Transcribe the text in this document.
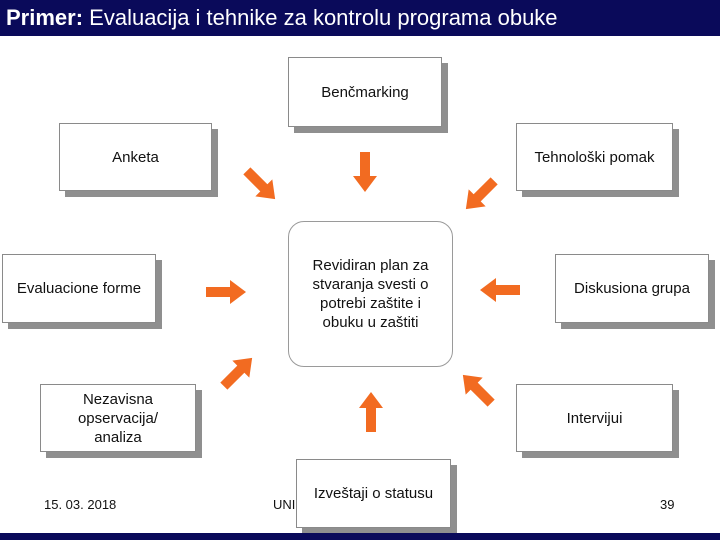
Primer: Evaluacija i tehnike za kontrolu programa obuke
15. 03. 2018	UNI	39
Benčmarking
Anketa	Tehnološki pomak
Evaluacione forme	Diskusiona grupa
Nezavisna opservacija/ analiza
Intervijui
Izveštaji o statusu
Revidiran plan za stvaranja svesti o potrebi zaštite i obuku u zaštiti
